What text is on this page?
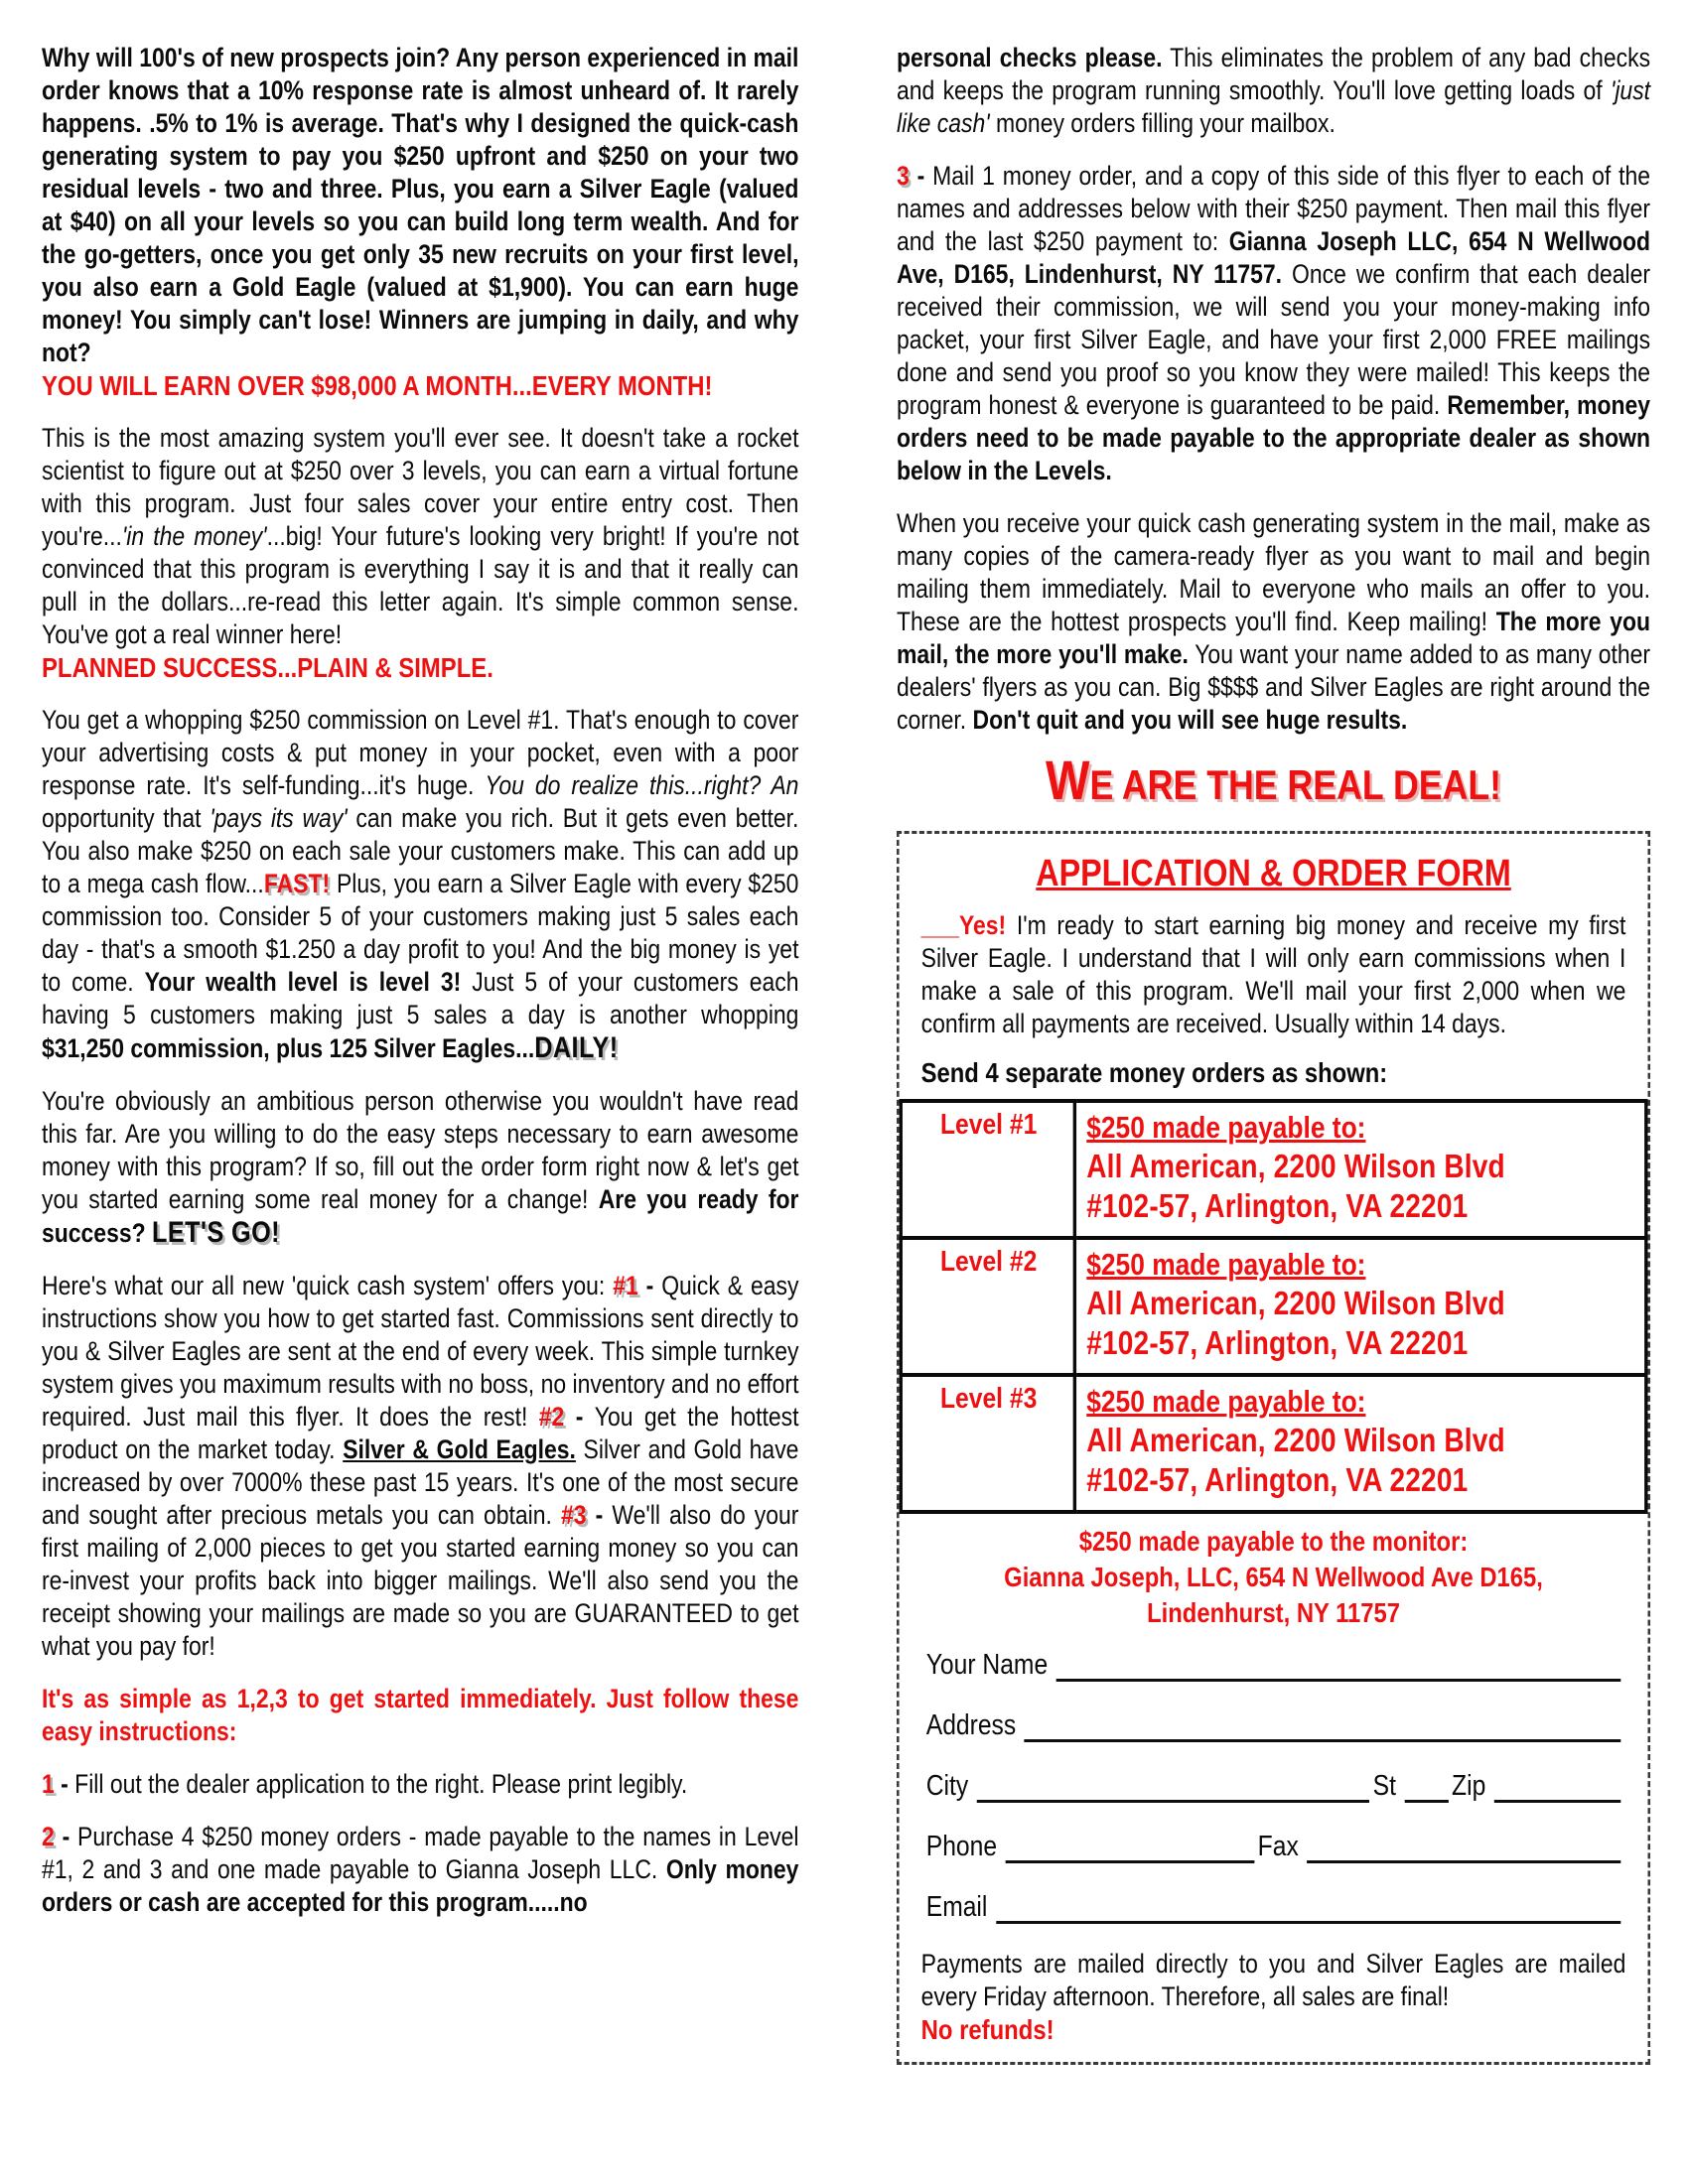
Why will 100's of new prospects join? Any person experienced in mail order knows that a 10% response rate is almost unheard of. It rarely happens. .5% to 1% is average. That's why I designed the quick-cash generating system to pay you $250 upfront and $250 on your two residual levels - two and three. Plus, you earn a Silver Eagle (valued at $40) on all your levels so you can build long term wealth. And for the go-getters, once you get only 35 new recruits on your first level, you also earn a Gold Eagle (valued at $1,900). You can earn huge money! You simply can't lose! Winners are jumping in daily, and why not?
YOU WILL EARN OVER $98,000 A MONTH...EVERY MONTH!

This is the most amazing system you'll ever see. It doesn't take a rocket scientist to figure out at $250 over 3 levels, you can earn a virtual fortune with this program. Just four sales cover your entire entry cost. Then you're...'in the money'...big! Your future's looking very bright! If you're not convinced that this program is everything I say it is and that it really can pull in the dollars...re-read this letter again. It's simple common sense. You've got a real winner here!
PLANNED SUCCESS...PLAIN & SIMPLE.

You get a whopping $250 commission on Level #1. That's enough to cover your advertising costs & put money in your pocket, even with a poor response rate. It's self-funding...it's huge. You do realize this...right? An opportunity that 'pays its way' can make you rich. But it gets even better. You also make $250 on each sale your customers make. This can add up to a mega cash flow...FAST! Plus, you earn a Silver Eagle with every $250 commission too. Consider 5 of your customers making just 5 sales each day - that's a smooth $1.250 a day profit to you! And the big money is yet to come. Your wealth level is level 3! Just 5 of your customers each having 5 customers making just 5 sales a day is another whopping $31,250 commission, plus 125 Silver Eagles...DAILY!

You're obviously an ambitious person otherwise you wouldn't have read this far. Are you willing to do the easy steps necessary to earn awesome money with this program? If so, fill out the order form right now & let's get you started earning some real money for a change! Are you ready for success? LET'S GO!

Here's what our all new 'quick cash system' offers you: #1 - Quick & easy instructions show you how to get started fast. Commissions sent directly to you & Silver Eagles are sent at the end of every week. This simple turnkey system gives you maximum results with no boss, no inventory and no effort required. Just mail this flyer. It does the rest! #2 - You get the hottest product on the market today. Silver & Gold Eagles. Silver and Gold have increased by over 7000% these past 15 years. It's one of the most secure and sought after precious metals you can obtain. #3 - We'll also do your first mailing of 2,000 pieces to get you started earning money so you can re-invest your profits back into bigger mailings. We'll also send you the receipt showing your mailings are made so you are GUARANTEED to get what you pay for!

It's as simple as 1,2,3 to get started immediately. Just follow these easy instructions:

1 - Fill out the dealer application to the right. Please print legibly.

2 - Purchase 4 $250 money orders - made payable to the names in Level #1, 2 and 3 and one made payable to Gianna Joseph LLC. Only money orders or cash are accepted for this program.....no

personal checks please. This eliminates the problem of any bad checks and keeps the program running smoothly. You'll love getting loads of 'just like cash' money orders filling your mailbox.

3 - Mail 1 money order, and a copy of this side of this flyer to each of the names and addresses below with their $250 payment. Then mail this flyer and the last $250 payment to: Gianna Joseph LLC, 654 N Wellwood Ave, D165, Lindenhurst, NY 11757. Once we confirm that each dealer received their commission, we will send you your money-making info packet, your first Silver Eagle, and have your first 2,000 FREE mailings done and send you proof so you know they were mailed! This keeps the program honest & everyone is guaranteed to be paid. Remember, money orders need to be made payable to the appropriate dealer as shown below in the Levels.

When you receive your quick cash generating system in the mail, make as many copies of the camera-ready flyer as you want to mail and begin mailing them immediately. Mail to everyone who mails an offer to you. These are the hottest prospects you'll find. Keep mailing! The more you mail, the more you'll make. You want your name added to as many other dealers' flyers as you can. Big $$$$ and Silver Eagles are right around the corner. Don't quit and you will see huge results.

WE ARE THE REAL DEAL!
APPLICATION & ORDER FORM

___Yes! I'm ready to start earning big money and receive my first Silver Eagle. I understand that I will only earn commissions when I make a sale of this program. We'll mail your first 2,000 when we confirm all payments are received. Usually within 14 days.

Send 4 separate money orders as shown:

Level #1	$250 made payable to:
All American, 2200 Wilson Blvd
#102-57, Arlington, VA 22201

Level #2	$250 made payable to:
All American, 2200 Wilson Blvd
#102-57, Arlington, VA 22201

Level #3	$250 made payable to:
All American, 2200 Wilson Blvd
#102-57, Arlington, VA 22201
$250 made payable to the monitor:
Gianna Joseph, LLC, 654 N Wellwood Ave D165,
Lindenhurst, NY 11757
Your Name
Address
City	St Zip
Phone	Fax
Email

Payments are mailed directly to you and Silver Eagles are mailed every Friday afternoon. Therefore, all sales are final!
No refunds!
